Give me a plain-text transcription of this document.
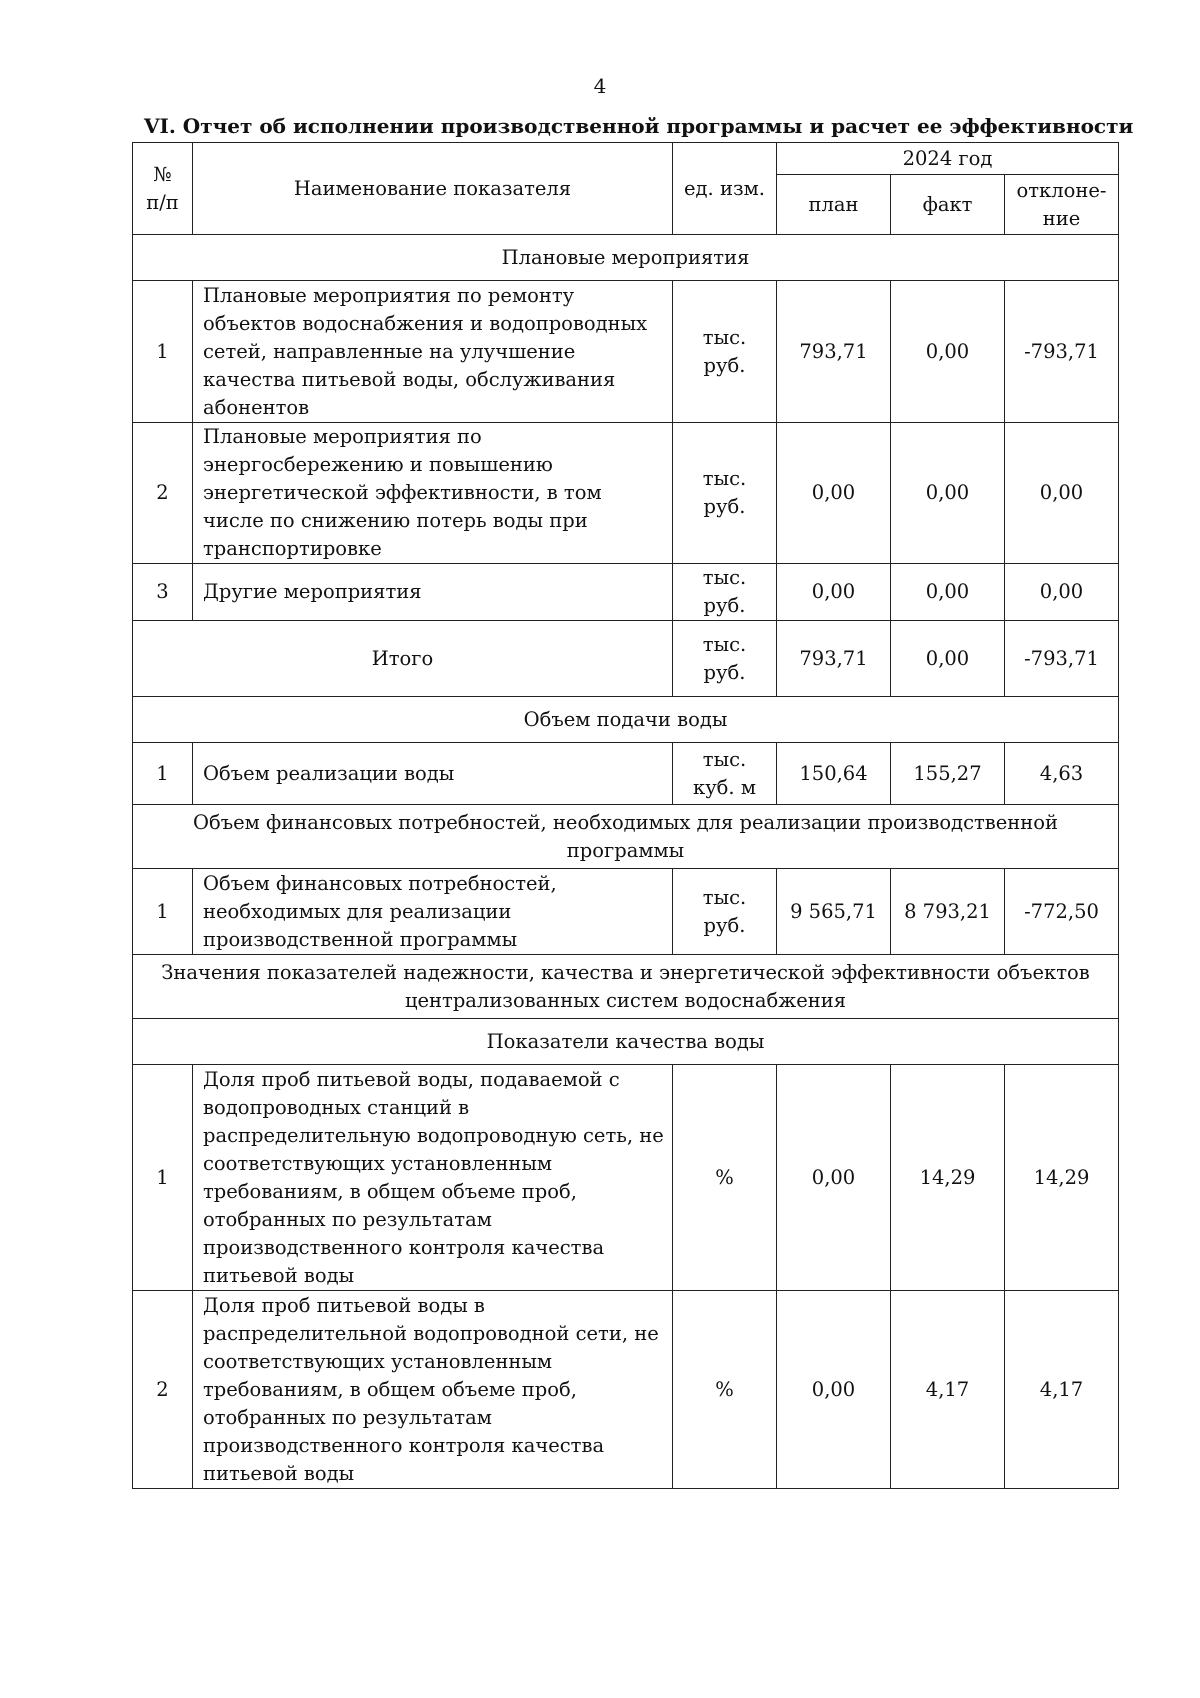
4
VI. Отчет об исполнении производственной программы и расчет ее эффективности
№ п/п	Наименование показателя	ед. изм.	2024 год		
			план	факт	отклоне-ние
Плановые мероприятия					
1	Плановые мероприятия по ремонту объектов водоснабжения и водопроводных сетей, направленные на улучшение качества питьевой воды, обслуживания абонентов	тыс. руб.	793,71	0,00	-793,71
2	Плановые мероприятия по энергосбережению и повышению энергетической эффективности, в том числе по снижению потерь воды при транспортировке	тыс. руб.	0,00	0,00	0,00
3	Другие мероприятия	тыс. руб.	0,00	0,00	0,00
Итого		тыс. руб.	793,71	0,00	-793,71
Объем подачи воды					
1	Объем реализации воды	тыс. куб. м	150,64	155,27	4,63
Объем финансовых потребностей, необходимых для реализации производственной программы					
1	Объем финансовых потребностей, необходимых для реализации производственной программы	тыс. руб.	9 565,71	8 793,21	-772,50
Значения показателей надежности, качества и энергетической эффективности объектов централизованных систем водоснабжения					
Показатели качества воды					
1	Доля проб питьевой воды, подаваемой с водопроводных станций в распределительную водопроводную сеть, не соответствующих установленным требованиям, в общем объеме проб, отобранных по результатам производственного контроля качества питьевой воды	%	0,00	14,29	14,29
2	Доля проб питьевой воды в распределительной водопроводной сети, не соответствующих установленным требованиям, в общем объеме проб, отобранных по результатам производственного контроля качества питьевой воды	%	0,00	4,17	4,17
